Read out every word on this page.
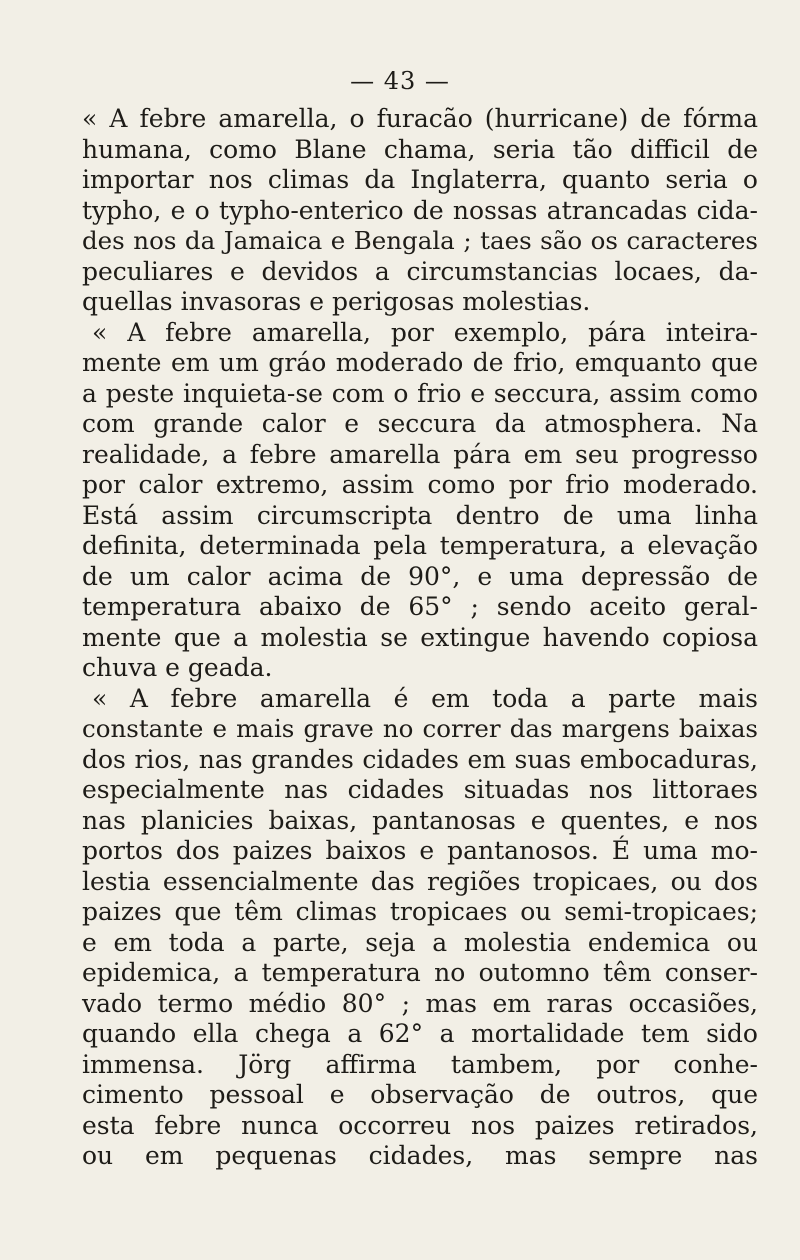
— 43 —
« A febre amarella, o furacão (hurricane) de fórma
humana, como Blane chama, seria tão difficil de
importar nos climas da Inglaterra, quanto seria o
typho, e o typho-enterico de nossas atrancadas cida-
des nos da Jamaica e Bengala ; taes são os caracteres
peculiares e devidos a circumstancias locaes, da-
quellas invasoras e perigosas molestias.
« A febre amarella, por exemplo, pára inteira-
mente em um gráo moderado de frio, emquanto que
a peste inquieta-se com o frio e seccura, assim como
com grande calor e seccura da atmosphera. Na
realidade, a febre amarella pára em seu progresso
por calor extremo, assim como por frio moderado.
Está assim circumscripta dentro de uma linha
definita, determinada pela temperatura, a elevação
de um calor acima de 90°, e uma depressão de
temperatura abaixo de 65° ; sendo aceito geral-
mente que a molestia se extingue havendo copiosa
chuva e geada.
« A febre amarella é em toda a parte mais
constante e mais grave no correr das margens baixas
dos rios, nas grandes cidades em suas embocaduras,
especialmente nas cidades situadas nos littoraes
nas planicies baixas, pantanosas e quentes, e nos
portos dos paizes baixos e pantanosos. É uma mo-
lestia essencialmente das regiões tropicaes, ou dos
paizes que têm climas tropicaes ou semi-tropicaes;
e em toda a parte, seja a molestia endemica ou
epidemica, a temperatura no outomno têm conser-
vado termo médio 80° ; mas em raras occasiões,
quando ella chega a 62° a mortalidade tem sido
immensa. Jörg affirma tambem, por conhe-
cimento pessoal e observação de outros, que
esta febre nunca occorreu nos paizes retirados,
ou em pequenas cidades, mas sempre nas
